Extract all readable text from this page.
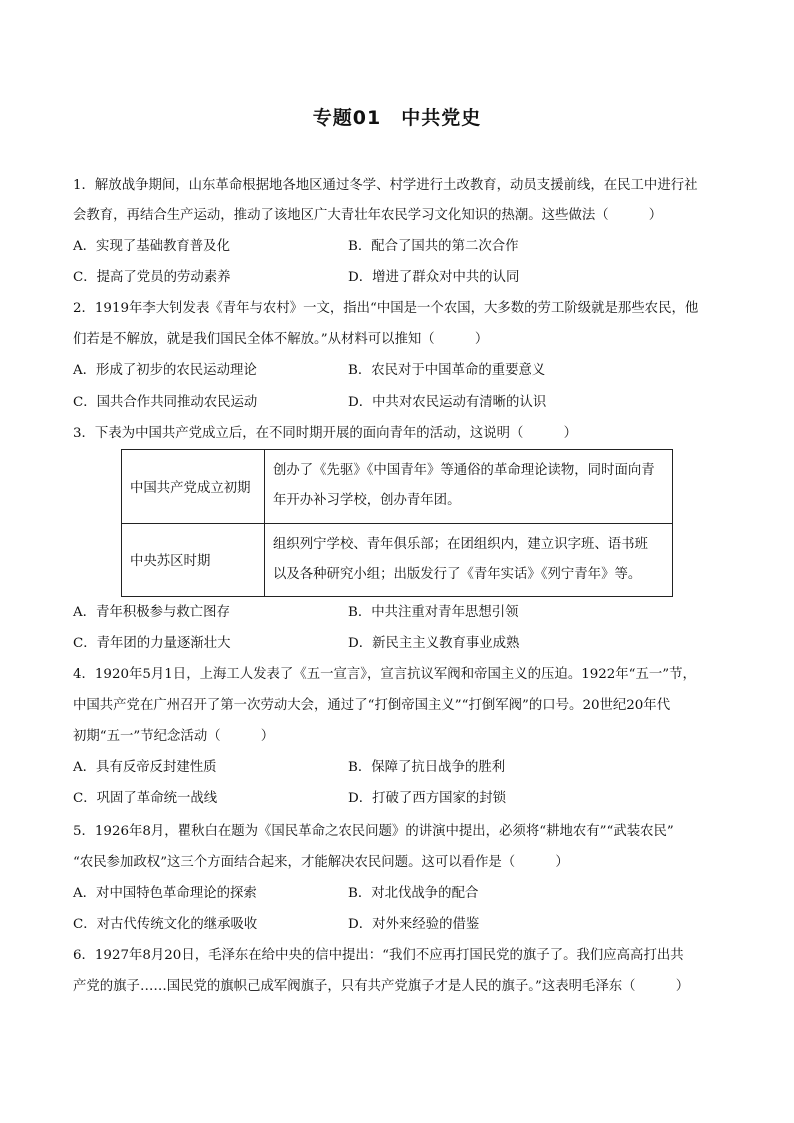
专题01　中共党史
1．解放战争期间，山东革命根据地各地区通过冬学、村学进行土改教育，动员支援前线，在民工中进行社
会教育，再结合生产运动，推动了该地区广大青壮年农民学习文化知识的热潮。这些做法（　　　）
A．实现了基础教育普及化	B．配合了国共的第二次合作
C．提高了党员的劳动素养	D．增进了群众对中共的认同
2．1919年李大钊发表《青年与农村》一文，指出“中国是一个农国，大多数的劳工阶级就是那些农民，他
们若是不解放，就是我们国民全体不解放。”从材料可以推知（　　　）
A．形成了初步的农民运动理论	B．农民对于中国革命的重要意义
C．国共合作共同推动农民运动	D．中共对农民运动有清晰的认识
3．下表为中国共产党成立后，在不同时期开展的面向青年的活动，这说明（　　　）
中国共产党成立初期	创办了《先驱》《中国青年》等通俗的革命理论读物，同时面向青
年开办补习学校，创办青年团。

中央苏区时期	组织列宁学校、青年俱乐部；在团组织内，建立识字班、语书班
以及各种研究小组；出版发行了《青年实话》《列宁青年》等。
A．青年积极参与救亡图存	B．中共注重对青年思想引领
C．青年团的力量逐渐壮大	D．新民主主义教育事业成熟
4．1920年5月1日，上海工人发表了《五一宣言》，宣言抗议军阀和帝国主义的压迫。1922年“五一”节，
中国共产党在广州召开了第一次劳动大会，通过了“打倒帝国主义”“打倒军阀”的口号。20世纪20年代
初期“五一”节纪念活动（　　　）
A．具有反帝反封建性质	B．保障了抗日战争的胜利
C．巩固了革命统一战线	D．打破了西方国家的封锁
5．1926年8月，瞿秋白在题为《国民革命之农民问题》的讲演中提出，必须将“耕地农有”“武装农民”
“农民参加政权”这三个方面结合起来，才能解决农民问题。这可以看作是（　　　）
A．对中国特色革命理论的探索	B．对北伐战争的配合
C．对古代传统文化的继承吸收	D．对外来经验的借鉴
6．1927年8月20日，毛泽东在给中央的信中提出：“我们不应再打国民党的旗子了。我们应高高打出共
产党的旗子……国民党的旗帜己成军阀旗子，只有共产党旗子才是人民的旗子。”这表明毛泽东（　　　）
